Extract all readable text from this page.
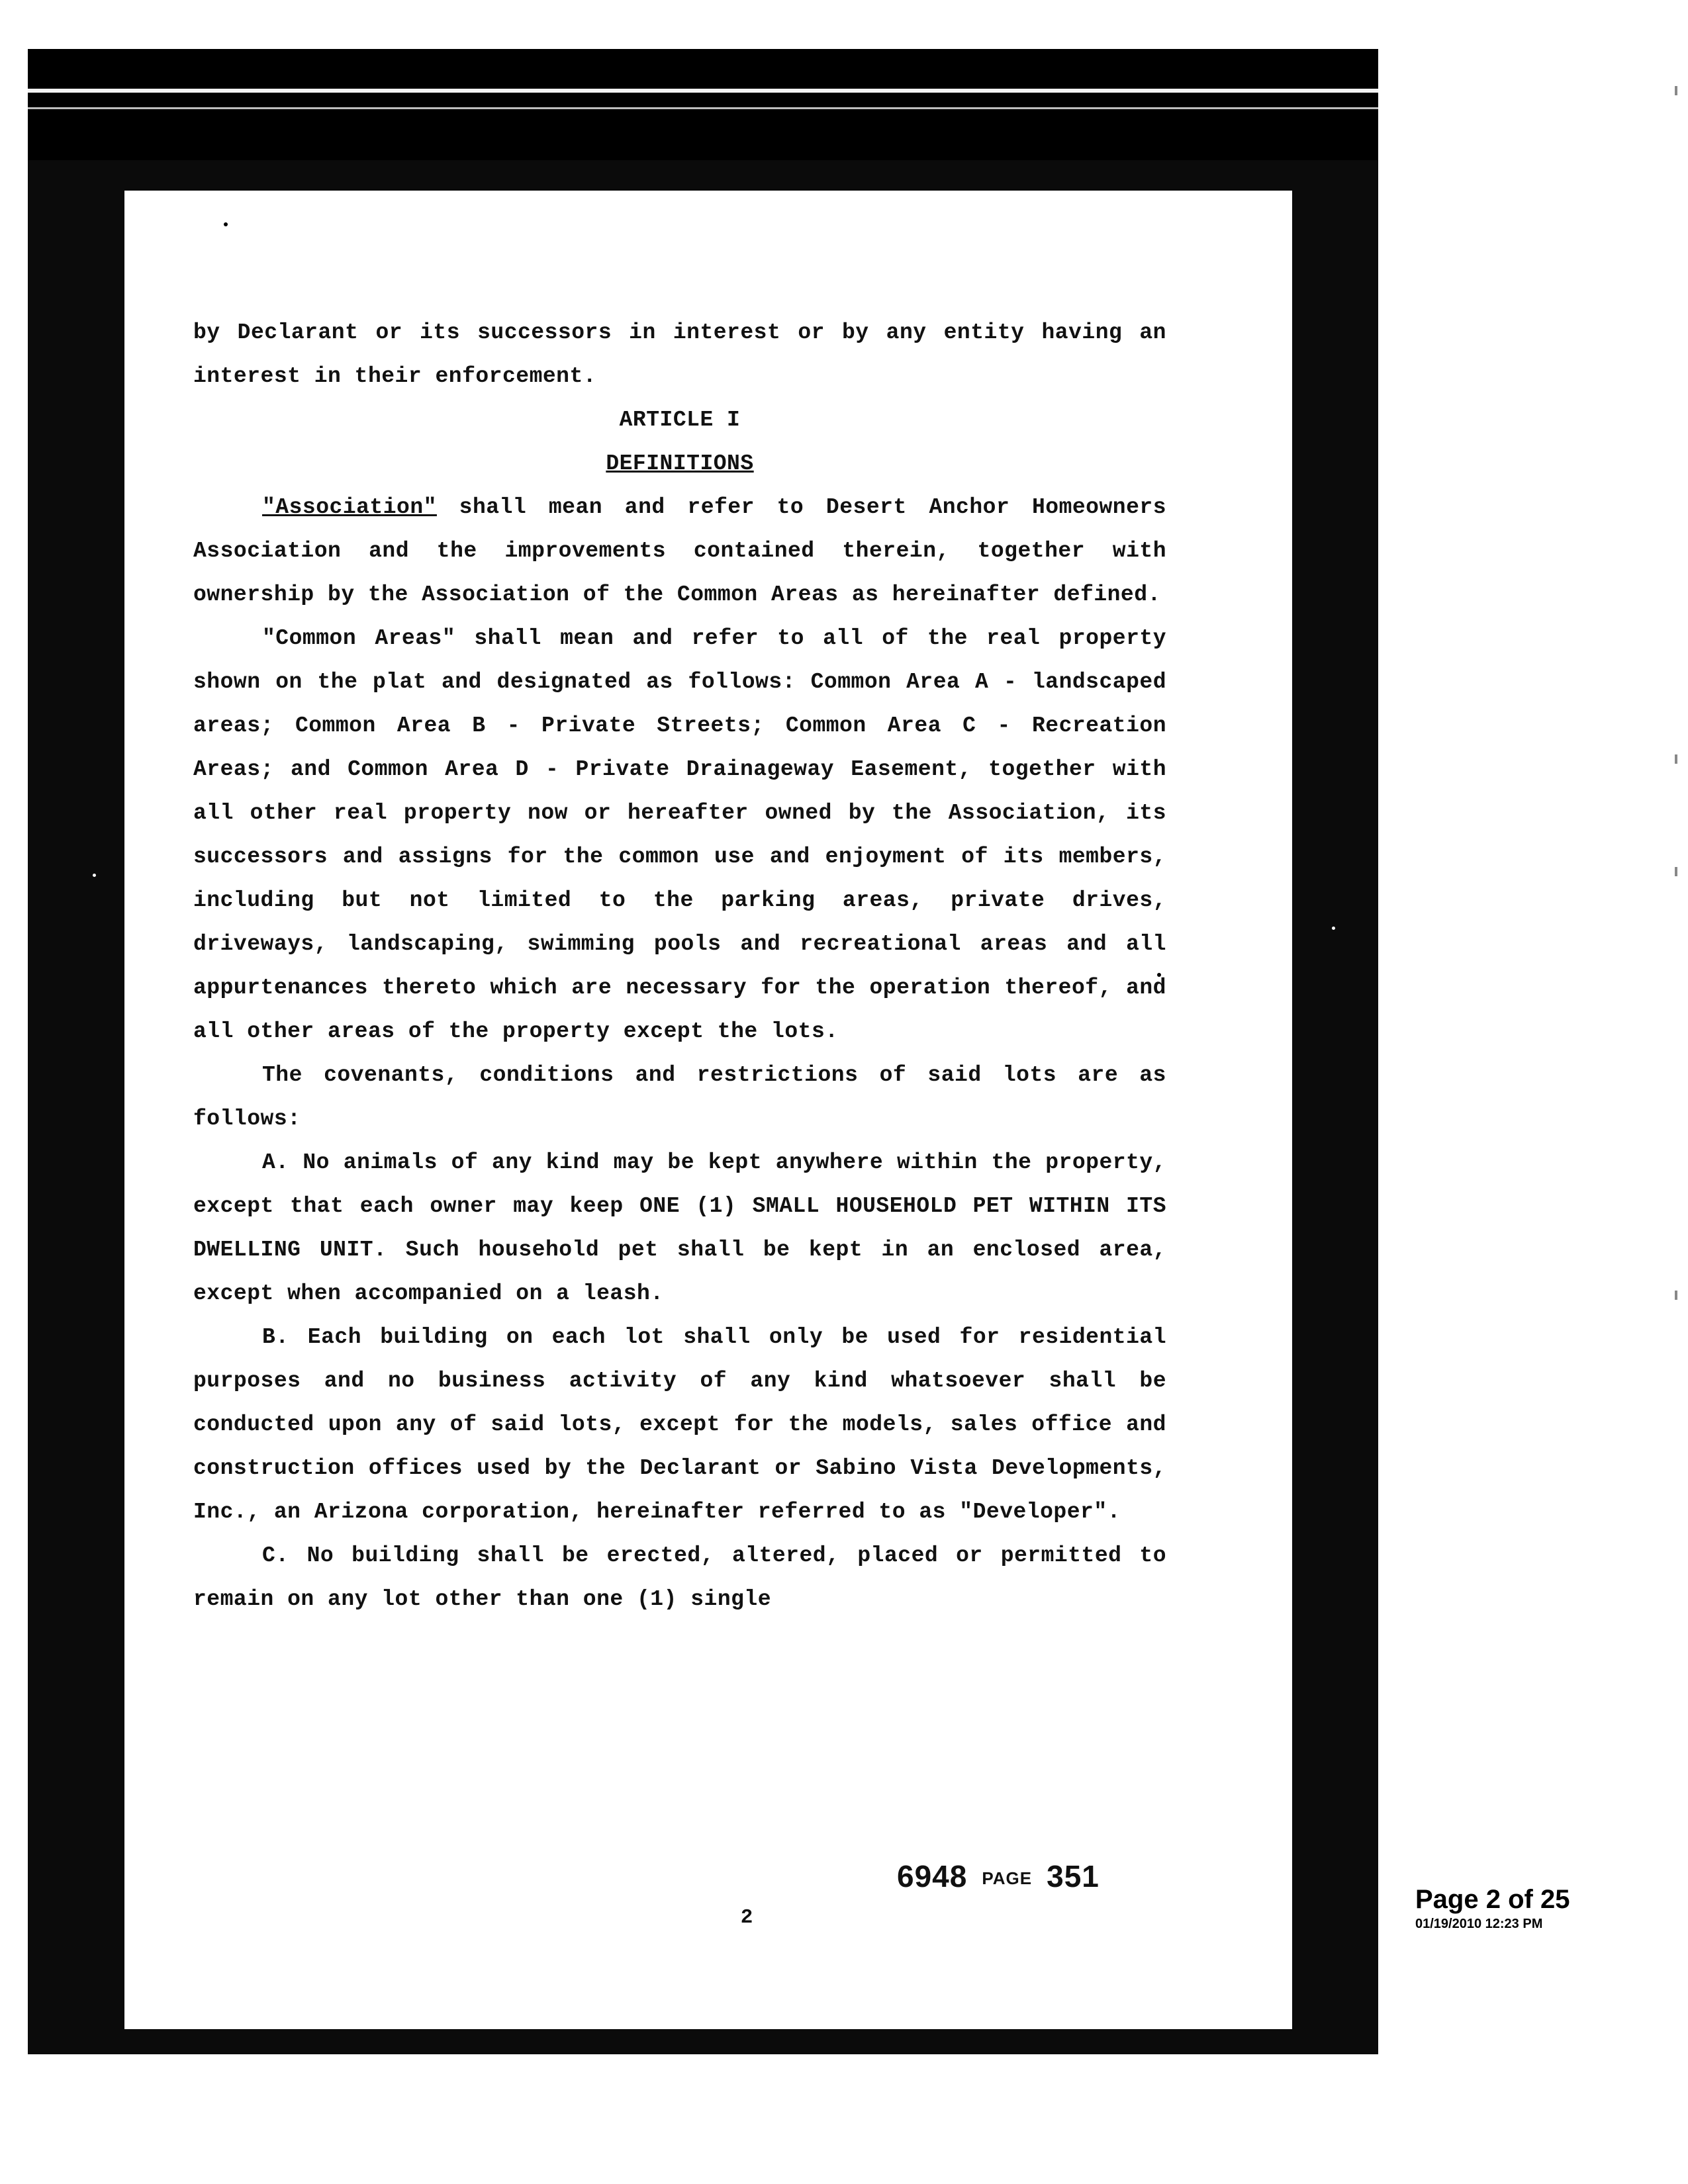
by Declarant or its successors in interest or by any entity having an interest in their enforcement.

ARTICLE I

DEFINITIONS

"Association" shall mean and refer to Desert Anchor Homeowners Association and the improvements contained therein, together with ownership by the Association of the Common Areas as hereinafter defined.

"Common Areas" shall mean and refer to all of the real property shown on the plat and designated as follows: Common Area A - landscaped areas; Common Area B - Private Streets; Common Area C - Recreation Areas; and Common Area D - Private Drainageway Easement, together with all other real property now or hereafter owned by the Association, its successors and assigns for the common use and enjoyment of its members, including but not limited to the parking areas, private drives, driveways, landscaping, swimming pools and recreational areas and all appurtenances thereto which are necessary for the operation thereof, and all other areas of the property except the lots.

The covenants, conditions and restrictions of said lots are as follows:

A. No animals of any kind may be kept anywhere within the property, except that each owner may keep ONE (1) SMALL HOUSEHOLD PET WITHIN ITS DWELLING UNIT. Such household pet shall be kept in an enclosed area, except when accompanied on a leash.

B. Each building on each lot shall only be used for residential purposes and no business activity of any kind whatsoever shall be conducted upon any of said lots, except for the models, sales office and construction offices used by the Declarant or Sabino Vista Developments, Inc., an Arizona corporation, hereinafter referred to as "Developer".

C. No building shall be erected, altered, placed or permitted to remain on any lot other than one (1) single

6948 PAGE 351
2
Page 2 of 25
01/19/2010 12:23 PM
